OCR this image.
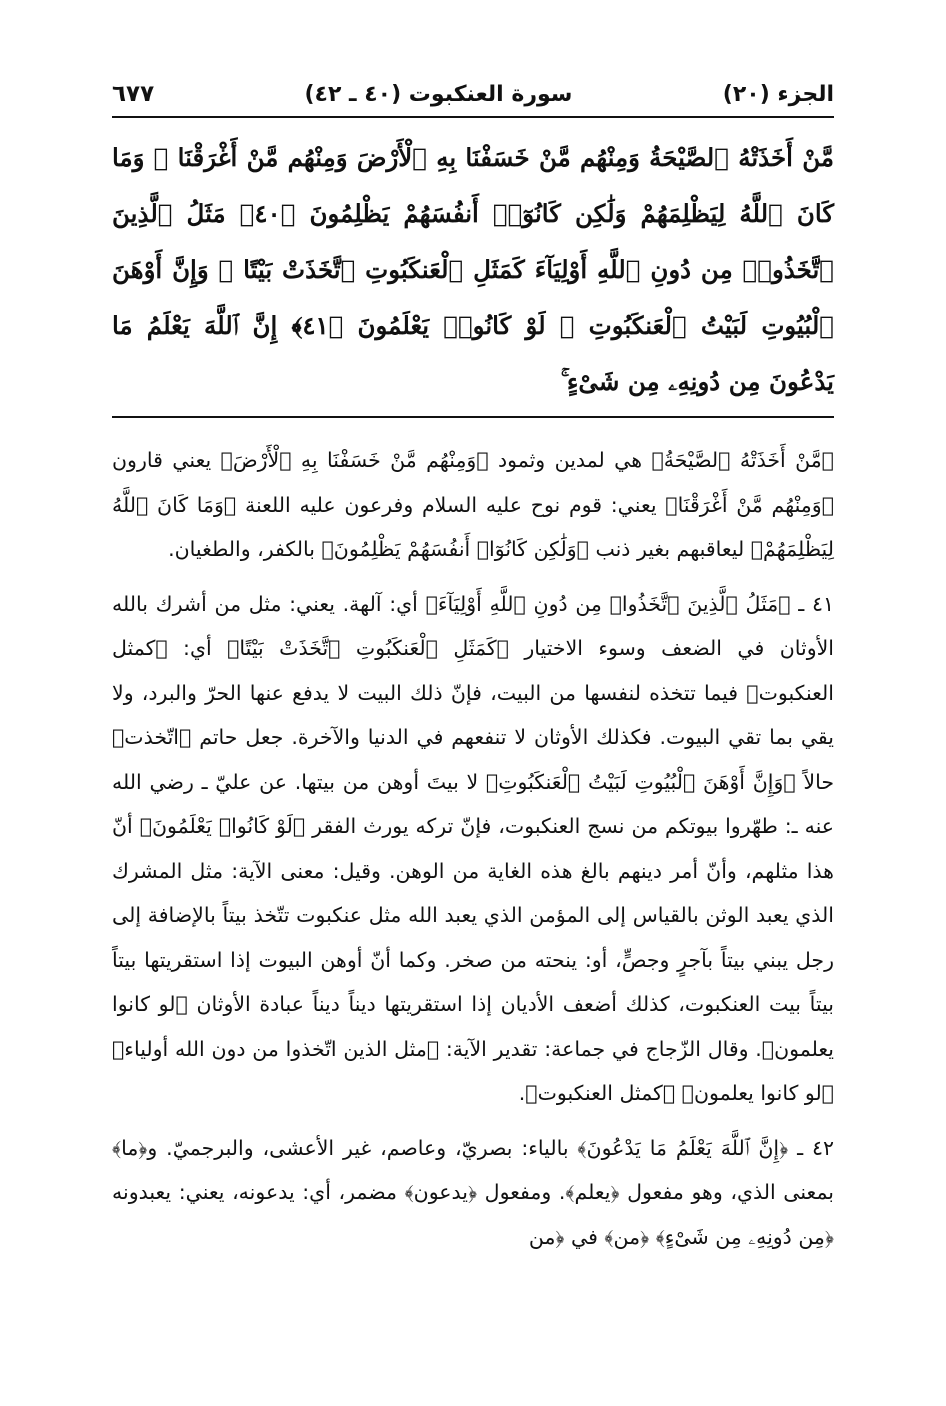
الجزء (٢٠)
سورة العنكبوت (٤٠ ـ ٤٢)
٦٧٧

مَّنْ أَخَذَتْهُ ٱلصَّيْحَةُ وَمِنْهُم مَّنْ خَسَفْنَا بِهِ ٱلْأَرْضَ وَمِنْهُم مَّنْ أَغْرَقْنَا ۚ وَمَا كَانَ ٱللَّهُ لِيَظْلِمَهُمْ وَلَٰكِن كَانُوٓا۟ أَنفُسَهُمْ يَظْلِمُونَ ﴿٤٠﴾ مَثَلُ ٱلَّذِينَ ٱتَّخَذُوا۟ مِن دُونِ ٱللَّهِ أَوْلِيَآءَ كَمَثَلِ ٱلْعَنكَبُوتِ ٱتَّخَذَتْ بَيْتًا ۖ وَإِنَّ أَوْهَنَ ٱلْبُيُوتِ لَبَيْتُ ٱلْعَنكَبُوتِ ۖ لَوْ كَانُوا۟ يَعْلَمُونَ ﴿٤١﴾ إِنَّ ٱللَّهَ يَعْلَمُ مَا يَدْعُونَ مِن دُونِهِۦ مِن شَىْءٍ ۚ

﴿مَّنْ أَخَذَتْهُ ٱلصَّيْحَةُ﴾ هي لمدين وثمود ﴿وَمِنْهُم مَّنْ خَسَفْنَا بِهِ ٱلْأَرْضَ﴾ يعني قارون ﴿وَمِنْهُم مَّنْ أَغْرَقْنَا﴾ يعني: قوم نوح عليه السلام وفرعون عليه اللعنة ﴿وَمَا كَانَ ٱللَّهُ لِيَظْلِمَهُمْ﴾ ليعاقبهم بغير ذنب ﴿وَلَٰكِن كَانُوٓا۟ أَنفُسَهُمْ يَظْلِمُونَ﴾ بالكفر، والطغيان.

٤١ ـ ﴿مَثَلُ ٱلَّذِينَ ٱتَّخَذُوا۟ مِن دُونِ ٱللَّهِ أَوْلِيَآءَ﴾ أي: آلهة. يعني: مثل من أشرك بالله الأوثان في الضعف وسوء الاختيار ﴿كَمَثَلِ ٱلْعَنكَبُوتِ ٱتَّخَذَتْ بَيْتًا﴾ أي: ﴿كمثل العنكبوت﴾ فيما تتخذه لنفسها من البيت، فإنّ ذلك البيت لا يدفع عنها الحرّ والبرد، ولا يقي بما تقي البيوت. فكذلك الأوثان لا تنفعهم في الدنيا والآخرة. جعل حاتم ﴿اتّخذت﴾ حالاً ﴿وَإِنَّ أَوْهَنَ ٱلْبُيُوتِ لَبَيْتُ ٱلْعَنكَبُوتِ﴾ لا بيتَ أوهن من بيتها. عن عليّ ـ رضي الله عنه ـ: طهّروا بيوتكم من نسج العنكبوت، فإنّ تركه يورث الفقر ﴿لَوْ كَانُوا۟ يَعْلَمُونَ﴾ أنّ هذا مثلهم، وأنّ أمر دينهم بالغ هذه الغاية من الوهن. وقيل: معنى الآية: مثل المشرك الذي يعبد الوثن بالقياس إلى المؤمن الذي يعبد الله مثل عنكبوت تتّخذ بيتاً بالإضافة إلى رجل يبني بيتاً بآجرٍ وجصٍّ، أو: ينحته من صخر. وكما أنّ أوهن البيوت إذا استقريتها بيتاً بيتاً بيت العنكبوت، كذلك أضعف الأديان إذا استقريتها ديناً ديناً عبادة الأوثان ﴿لو كانوا يعلمون﴾. وقال الزّجاج في جماعة: تقدير الآية: ﴿مثل الذين اتّخذوا من دون الله أولياء﴾ ﴿لو كانوا يعلمون﴾ ﴿كمثل العنكبوت﴾.

٤٢ ـ ﴿إِنَّ ٱللَّهَ يَعْلَمُ مَا يَدْعُونَ﴾ بالياء: بصريّ، وعاصم، غير الأعشى، والبرجميّ. و﴿ما﴾ بمعنى الذي، وهو مفعول ﴿يعلم﴾. ومفعول ﴿يدعون﴾ مضمر، أي: يدعونه، يعني: يعبدونه ﴿مِن دُونِهِۦ مِن شَىْءٍ﴾ ﴿من﴾ في ﴿من
